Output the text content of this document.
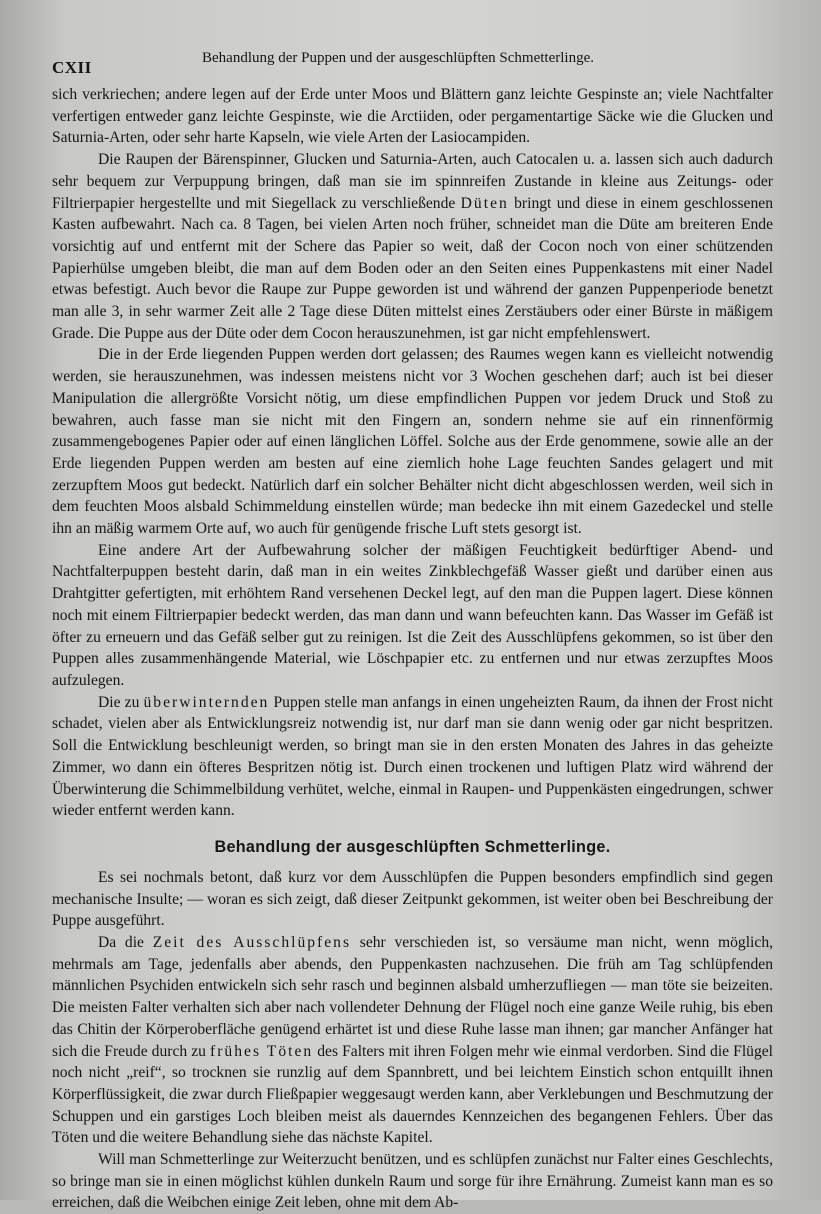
CXII	Behandlung der Puppen und der ausgeschlüpften Schmetterlinge.

sich verkriechen; andere legen auf der Erde unter Moos und Blättern ganz leichte Gespinste an; viele Nachtfalter verfertigen entweder ganz leichte Gespinste, wie die Arctiiden, oder pergamentartige Säcke wie die Glucken und Saturnia-Arten, oder sehr harte Kapseln, wie viele Arten der Lasiocampiden.

Die Raupen der Bärenspinner, Glucken und Saturnia-Arten, auch Catocalen u. a. lassen sich auch dadurch sehr bequem zur Verpuppung bringen, daß man sie im spinnreifen Zustande in kleine aus Zeitungs- oder Filtrierpapier hergestellte und mit Siegellack zu verschließende Düten bringt und diese in einem geschlossenen Kasten aufbewahrt. Nach ca. 8 Tagen, bei vielen Arten noch früher, schneidet man die Düte am breiteren Ende vorsichtig auf und entfernt mit der Schere das Papier so weit, daß der Cocon noch von einer schützenden Papierhülse umgeben bleibt, die man auf dem Boden oder an den Seiten eines Puppenkastens mit einer Nadel etwas befestigt. Auch bevor die Raupe zur Puppe geworden ist und während der ganzen Puppenperiode benetzt man alle 3, in sehr warmer Zeit alle 2 Tage diese Düten mittelst eines Zerstäubers oder einer Bürste in mäßigem Grade. Die Puppe aus der Düte oder dem Cocon herauszunehmen, ist gar nicht empfehlenswert.

Die in der Erde liegenden Puppen werden dort gelassen; des Raumes wegen kann es vielleicht notwendig werden, sie herauszunehmen, was indessen meistens nicht vor 3 Wochen geschehen darf; auch ist bei dieser Manipulation die allergrößte Vorsicht nötig, um diese empfindlichen Puppen vor jedem Druck und Stoß zu bewahren, auch fasse man sie nicht mit den Fingern an, sondern nehme sie auf ein rinnenförmig zusammengebogenes Papier oder auf einen länglichen Löffel. Solche aus der Erde genommene, sowie alle an der Erde liegenden Puppen werden am besten auf eine ziemlich hohe Lage feuchten Sandes gelagert und mit zerzupftem Moos gut bedeckt. Natürlich darf ein solcher Behälter nicht dicht abgeschlossen werden, weil sich in dem feuchten Moos alsbald Schimmeldung einstellen würde; man bedecke ihn mit einem Gazedeckel und stelle ihn an mäßig warmem Orte auf, wo auch für genügende frische Luft stets gesorgt ist.

Eine andere Art der Aufbewahrung solcher der mäßigen Feuchtigkeit bedürftiger Abend- und Nachtfalterpuppen besteht darin, daß man in ein weites Zinkblechgefäß Wasser gießt und darüber einen aus Drahtgitter gefertigten, mit erhöhtem Rand versehenen Deckel legt, auf den man die Puppen lagert. Diese können noch mit einem Filtrierpapier bedeckt werden, das man dann und wann befeuchten kann. Das Wasser im Gefäß ist öfter zu erneuern und das Gefäß selber gut zu reinigen. Ist die Zeit des Ausschlüpfens gekommen, so ist über den Puppen alles zusammenhängende Material, wie Löschpapier etc. zu entfernen und nur etwas zerzupftes Moos aufzulegen.

Die zu überwinternden Puppen stelle man anfangs in einen ungeheizten Raum, da ihnen der Frost nicht schadet, vielen aber als Entwicklungsreiz notwendig ist, nur darf man sie dann wenig oder gar nicht bespritzen. Soll die Entwicklung beschleunigt werden, so bringt man sie in den ersten Monaten des Jahres in das geheizte Zimmer, wo dann ein öfteres Bespritzen nötig ist. Durch einen trockenen und luftigen Platz wird während der Überwinterung die Schimmelbildung verhütet, welche, einmal in Raupen- und Puppenkästen eingedrungen, schwer wieder entfernt werden kann.

Behandlung der ausgeschlüpften Schmetterlinge.

Es sei nochmals betont, daß kurz vor dem Ausschlüpfen die Puppen besonders empfindlich sind gegen mechanische Insulte; — woran es sich zeigt, daß dieser Zeitpunkt gekommen, ist weiter oben bei Beschreibung der Puppe ausgeführt.

Da die Zeit des Ausschlüpfens sehr verschieden ist, so versäume man nicht, wenn möglich, mehrmals am Tage, jedenfalls aber abends, den Puppenkasten nachzusehen. Die früh am Tag schlüpfenden männlichen Psychiden entwickeln sich sehr rasch und beginnen alsbald umherzufliegen — man töte sie beizeiten. Die meisten Falter verhalten sich aber nach vollendeter Dehnung der Flügel noch eine ganze Weile ruhig, bis eben das Chitin der Körperoberfläche genügend erhärtet ist und diese Ruhe lasse man ihnen; gar mancher Anfänger hat sich die Freude durch zu frühes Töten des Falters mit ihren Folgen mehr wie einmal verdorben. Sind die Flügel noch nicht „reif“, so trocknen sie runzlig auf dem Spannbrett, und bei leichtem Einstich schon entquillt ihnen Körperflüssigkeit, die zwar durch Fließpapier weggesaugt werden kann, aber Verklebungen und Beschmutzung der Schuppen und ein garstiges Loch bleiben meist als dauerndes Kennzeichen des begangenen Fehlers. Über das Töten und die weitere Behandlung siehe das nächste Kapitel.

Will man Schmetterlinge zur Weiterzucht benützen, und es schlüpfen zunächst nur Falter eines Geschlechts, so bringe man sie in einen möglichst kühlen dunkeln Raum und sorge für ihre Ernährung. Zumeist kann man es so erreichen, daß die Weibchen einige Zeit leben, ohne mit dem Ab-
